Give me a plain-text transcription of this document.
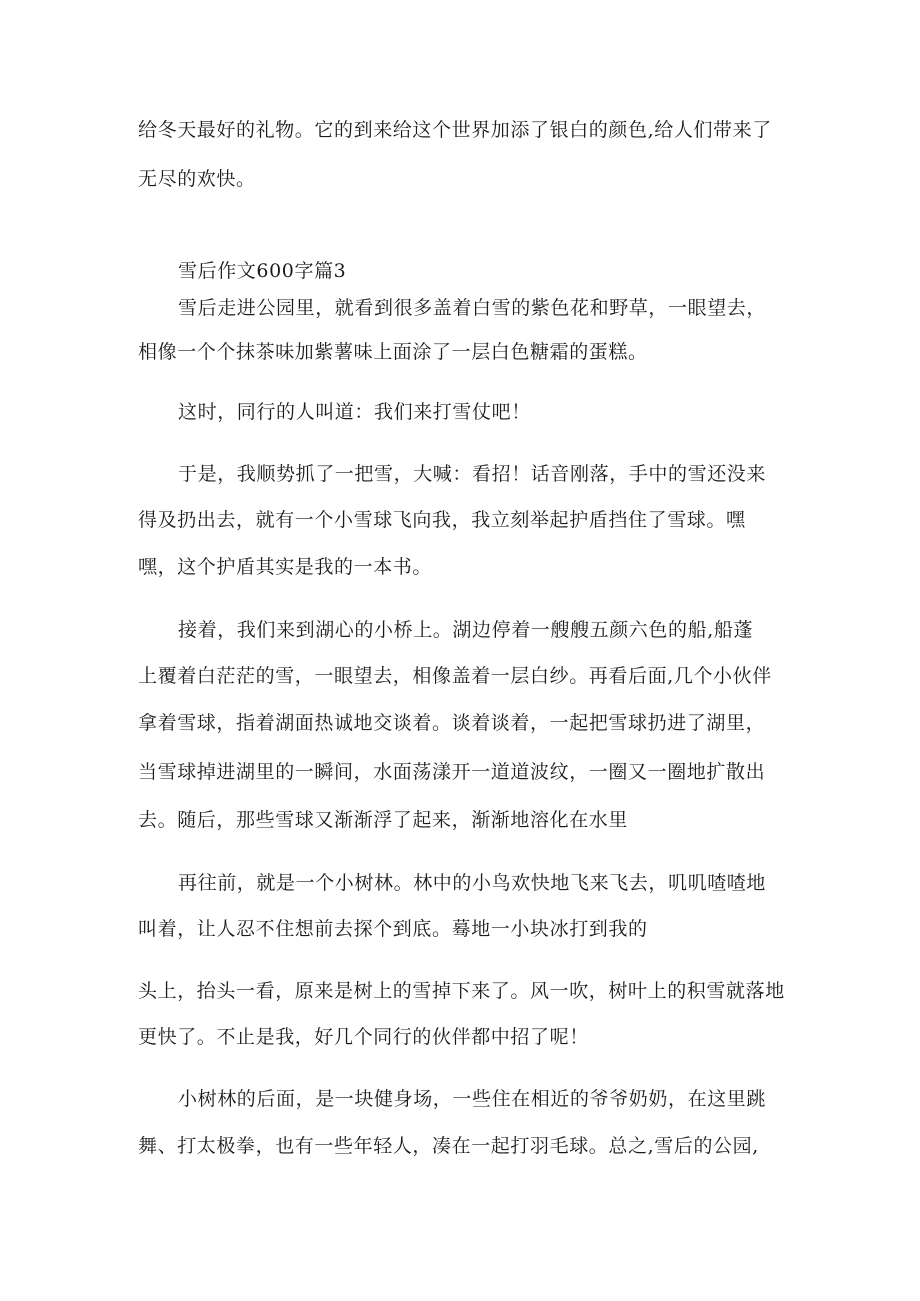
给冬天最好的礼物。它的到来给这个世界加添了银白的颜色,给人们带来了

无尽的欢快。

雪后作文600字篇3

雪后走进公园里，就看到很多盖着白雪的紫色花和野草，一眼望去，

相像一个个抹茶味加紫薯味上面涂了一层白色糖霜的蛋糕。

这时，同行的人叫道：我们来打雪仗吧！

于是，我顺势抓了一把雪，大喊：看招！话音刚落，手中的雪还没来

得及扔出去，就有一个小雪球飞向我，我立刻举起护盾挡住了雪球。嘿

嘿，这个护盾其实是我的一本书。

接着，我们来到湖心的小桥上。湖边停着一艘艘五颜六色的船,船蓬

上覆着白茫茫的雪，一眼望去，相像盖着一层白纱。再看后面,几个小伙伴

拿着雪球，指着湖面热诚地交谈着。谈着谈着，一起把雪球扔进了湖里，

当雪球掉进湖里的一瞬间，水面荡漾开一道道波纹，一圈又一圈地扩散出

去。随后，那些雪球又渐渐浮了起来，渐渐地溶化在水里

再往前，就是一个小树林。林中的小鸟欢快地飞来飞去，叽叽喳喳地

叫着，让人忍不住想前去探个到底。蓦地一小块冰打到我的

头上，抬头一看，原来是树上的雪掉下来了。风一吹，树叶上的积雪就落地

更快了。不止是我，好几个同行的伙伴都中招了呢！

小树林的后面，是一块健身场，一些住在相近的爷爷奶奶，在这里跳

舞、打太极拳，也有一些年轻人，凑在一起打羽毛球。总之,雪后的公园,
